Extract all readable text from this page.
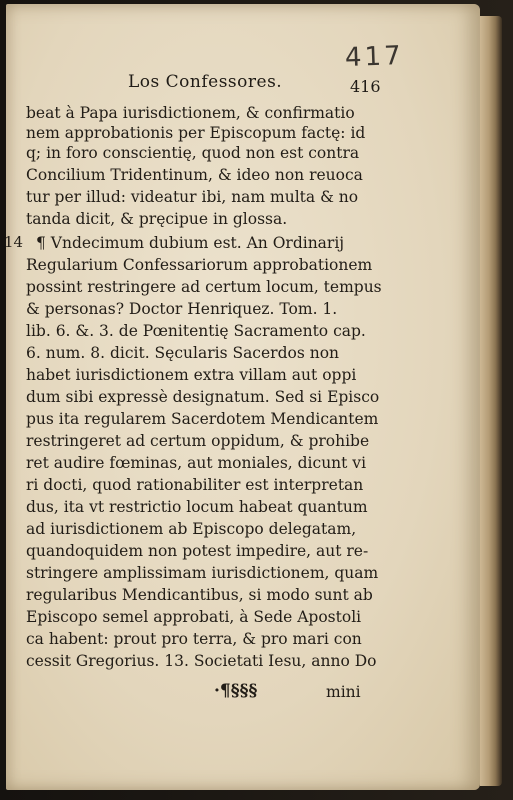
417
Los Confessores.	416
14
beat à Papa iurisdictionem, & confirmatio
nem approbationis per Episcopum factę: id
q; in foro conscientię, quod non est contra
Concilium Tridentinum, & ideo non reuoca
tur per illud: videatur ibi, nam multa & no
tanda dicit, & pręcipue in glossa.
¶ Vndecimum dubium est. An Ordinarij
Regularium Confessariorum approbationem
possint restringere ad certum locum, tempus
& personas? Doctor Henriquez. Tom. 1.
lib. 6. &. 3. de Pœnitentię Sacramento cap.
6. num. 8. dicit. Sęcularis Sacerdos non
habet iurisdictionem extra villam aut oppi
dum sibi expressè designatum. Sed si Episco
pus ita regularem Sacerdotem Mendicantem
restringeret ad certum oppidum, & prohibe
ret audire fœminas, aut moniales, dicunt vi
ri docti, quod rationabiliter est interpretan
dus, ita vt restrictio locum habeat quantum
ad iurisdictionem ab Episcopo delegatam,
quandoquidem non potest impedire, aut re-
stringere amplissimam iurisdictionem, quam
regularibus Mendicantibus, si modo sunt ab
Episcopo semel approbati, à Sede Apostoli
ca habent: prout pro terra, & pro mari con
cessit Gregorius. 13. Societati Iesu, anno Do
·¶§§§	mini
